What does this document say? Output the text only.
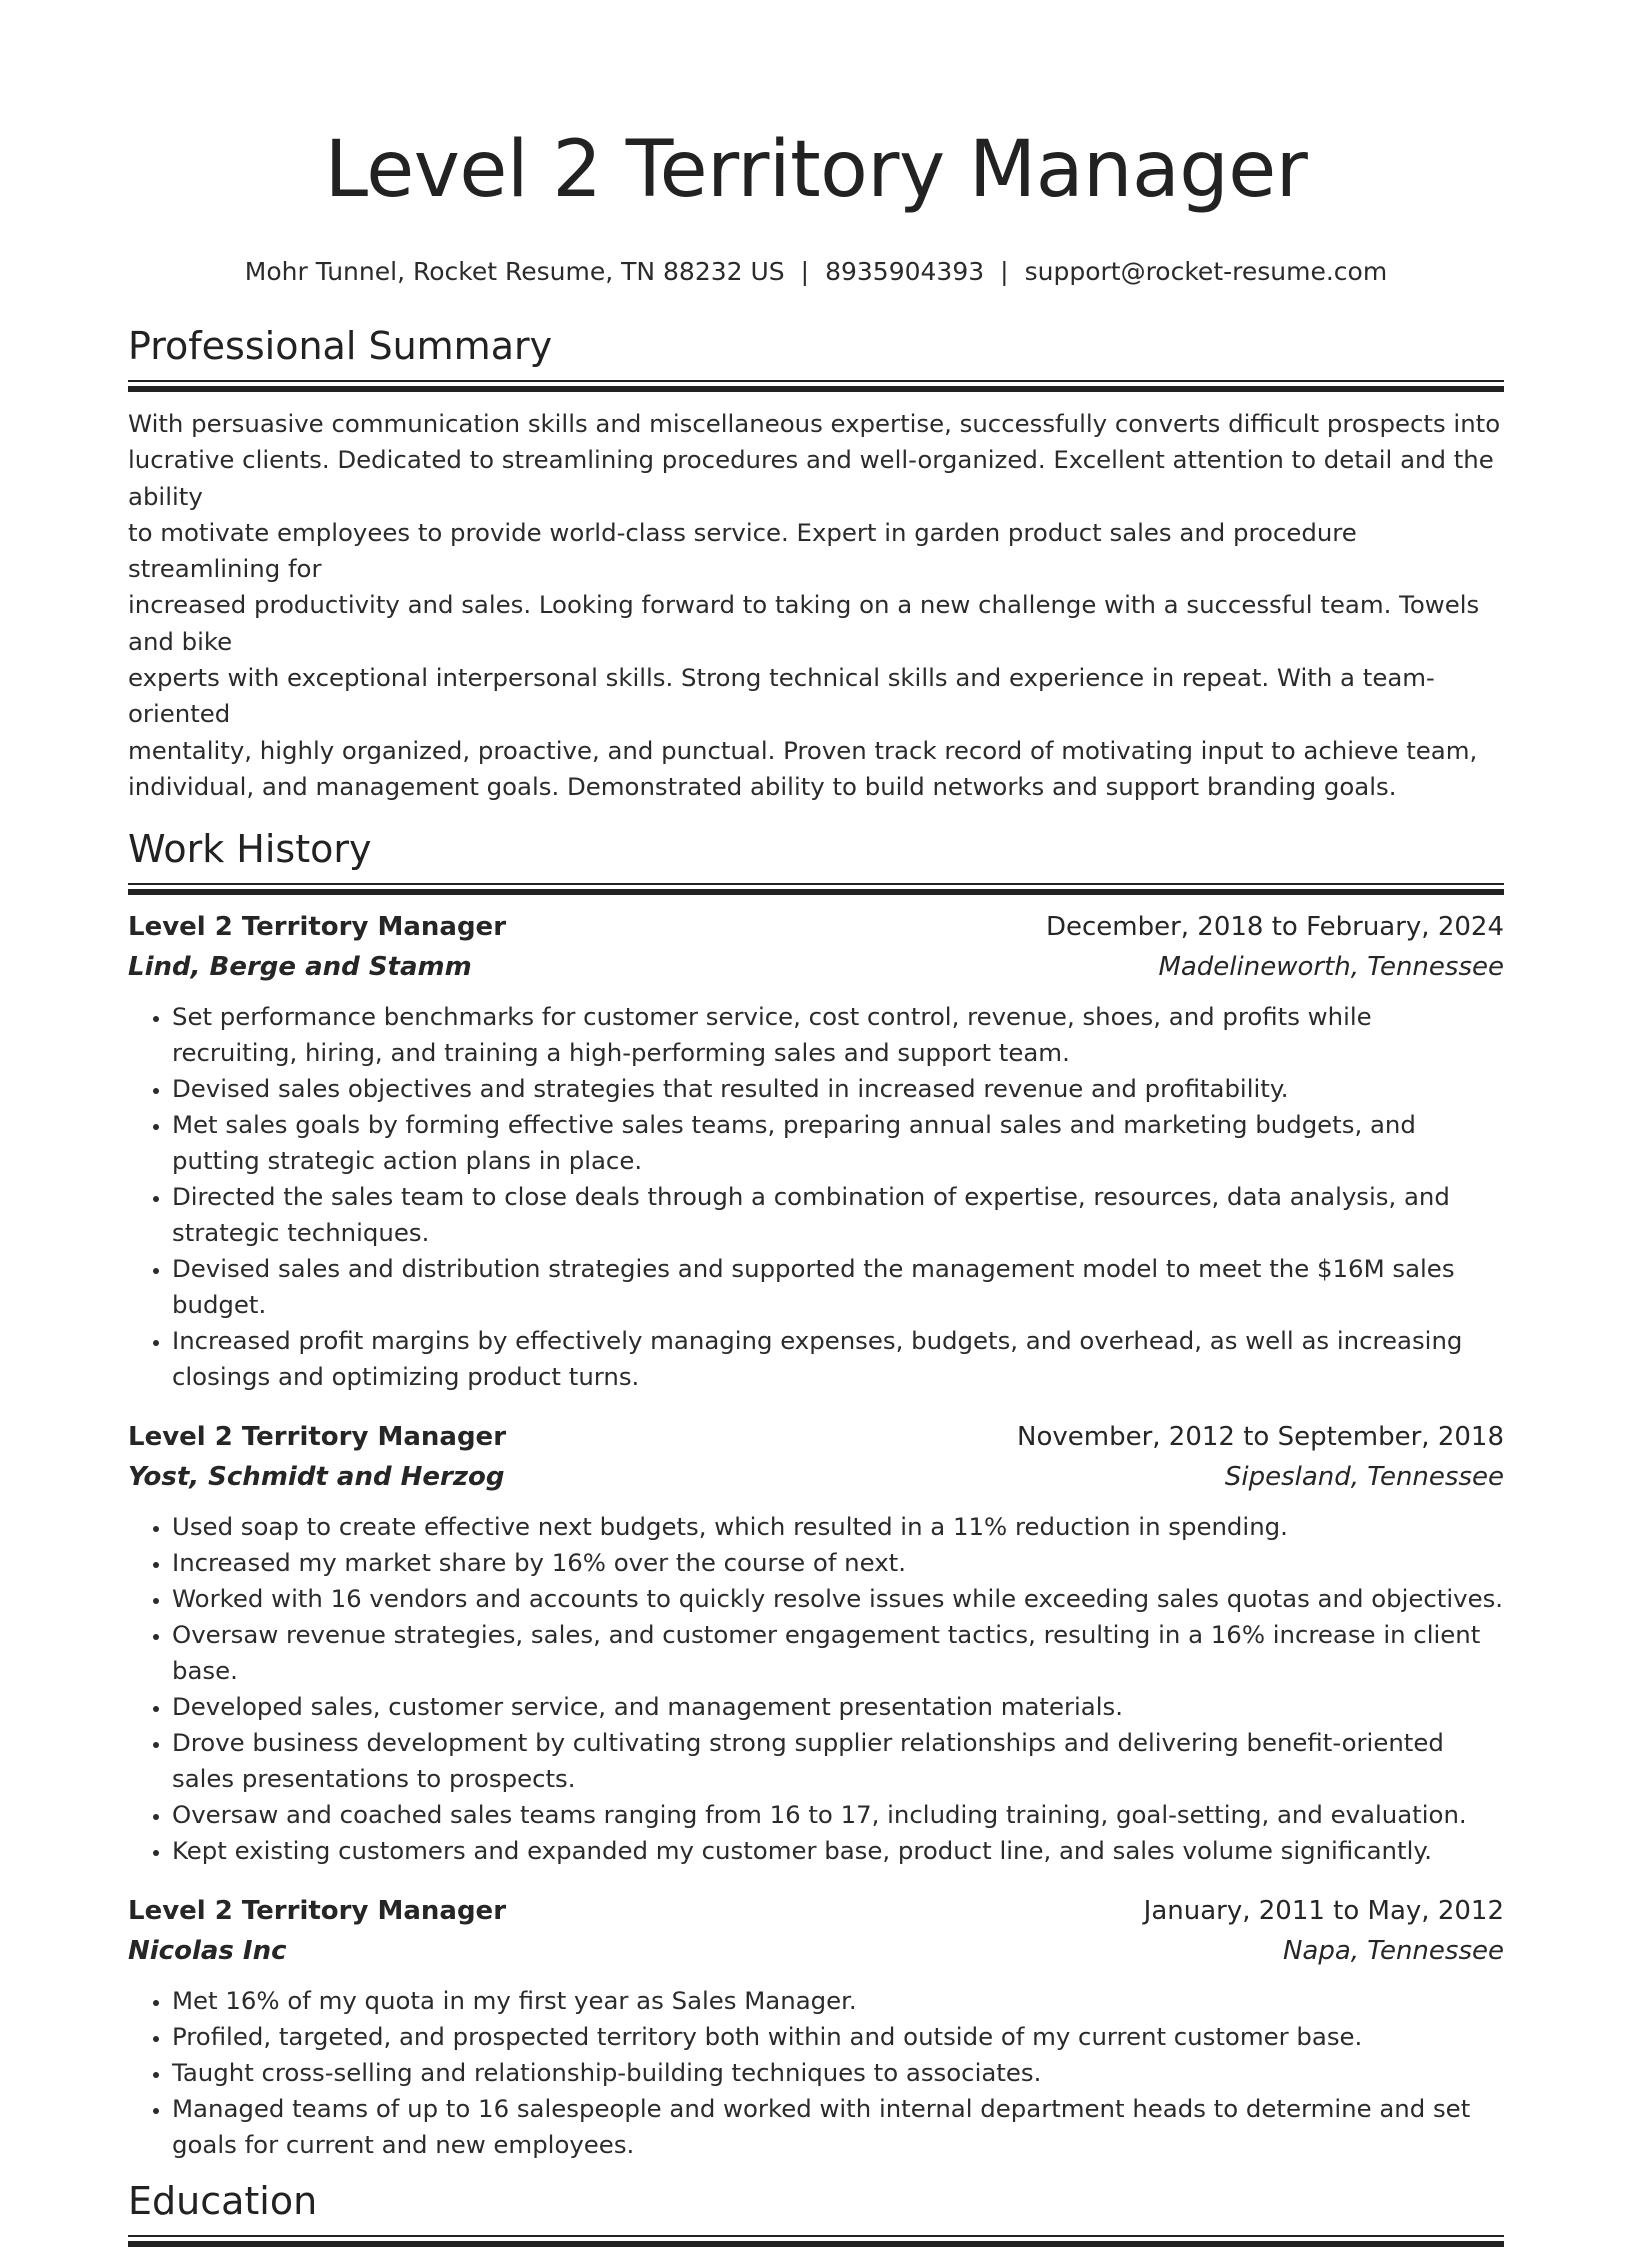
Level 2 Territory Manager
Mohr Tunnel, Rocket Resume, TN 88232 US | 8935904393 | support@rocket-resume.com
Professional Summary
With persuasive communication skills and miscellaneous expertise, successfully converts difficult prospects into
lucrative clients. Dedicated to streamlining procedures and well-organized. Excellent attention to detail and the ability
to motivate employees to provide world-class service. Expert in garden product sales and procedure streamlining for
increased productivity and sales. Looking forward to taking on a new challenge with a successful team. Towels and bike
experts with exceptional interpersonal skills. Strong technical skills and experience in repeat. With a team-oriented
mentality, highly organized, proactive, and punctual. Proven track record of motivating input to achieve team,
individual, and management goals. Demonstrated ability to build networks and support branding goals.
Work History
Level 2 Territory Manager	December, 2018 to February, 2024
Lind, Berge and Stamm	Madelineworth, Tennessee
• Set performance benchmarks for customer service, cost control, revenue, shoes, and profits while recruiting, hiring, and training a high-performing sales and support team.
• Devised sales objectives and strategies that resulted in increased revenue and profitability.
• Met sales goals by forming effective sales teams, preparing annual sales and marketing budgets, and putting strategic action plans in place.
• Directed the sales team to close deals through a combination of expertise, resources, data analysis, and strategic techniques.
• Devised sales and distribution strategies and supported the management model to meet the $16M sales budget.
• Increased profit margins by effectively managing expenses, budgets, and overhead, as well as increasing closings and optimizing product turns.
Level 2 Territory Manager	November, 2012 to September, 2018
Yost, Schmidt and Herzog	Sipesland, Tennessee
• Used soap to create effective next budgets, which resulted in a 11% reduction in spending.
• Increased my market share by 16% over the course of next.
• Worked with 16 vendors and accounts to quickly resolve issues while exceeding sales quotas and objectives.
• Oversaw revenue strategies, sales, and customer engagement tactics, resulting in a 16% increase in client base.
• Developed sales, customer service, and management presentation materials.
• Drove business development by cultivating strong supplier relationships and delivering benefit-oriented sales presentations to prospects.
• Oversaw and coached sales teams ranging from 16 to 17, including training, goal-setting, and evaluation.
• Kept existing customers and expanded my customer base, product line, and sales volume significantly.
Level 2 Territory Manager	January, 2011 to May, 2012
Nicolas Inc	Napa, Tennessee
• Met 16% of my quota in my first year as Sales Manager.
• Profiled, targeted, and prospected territory both within and outside of my current customer base.
• Taught cross-selling and relationship-building techniques to associates.
• Managed teams of up to 16 salespeople and worked with internal department heads to determine and set goals for current and new employees.
Education
